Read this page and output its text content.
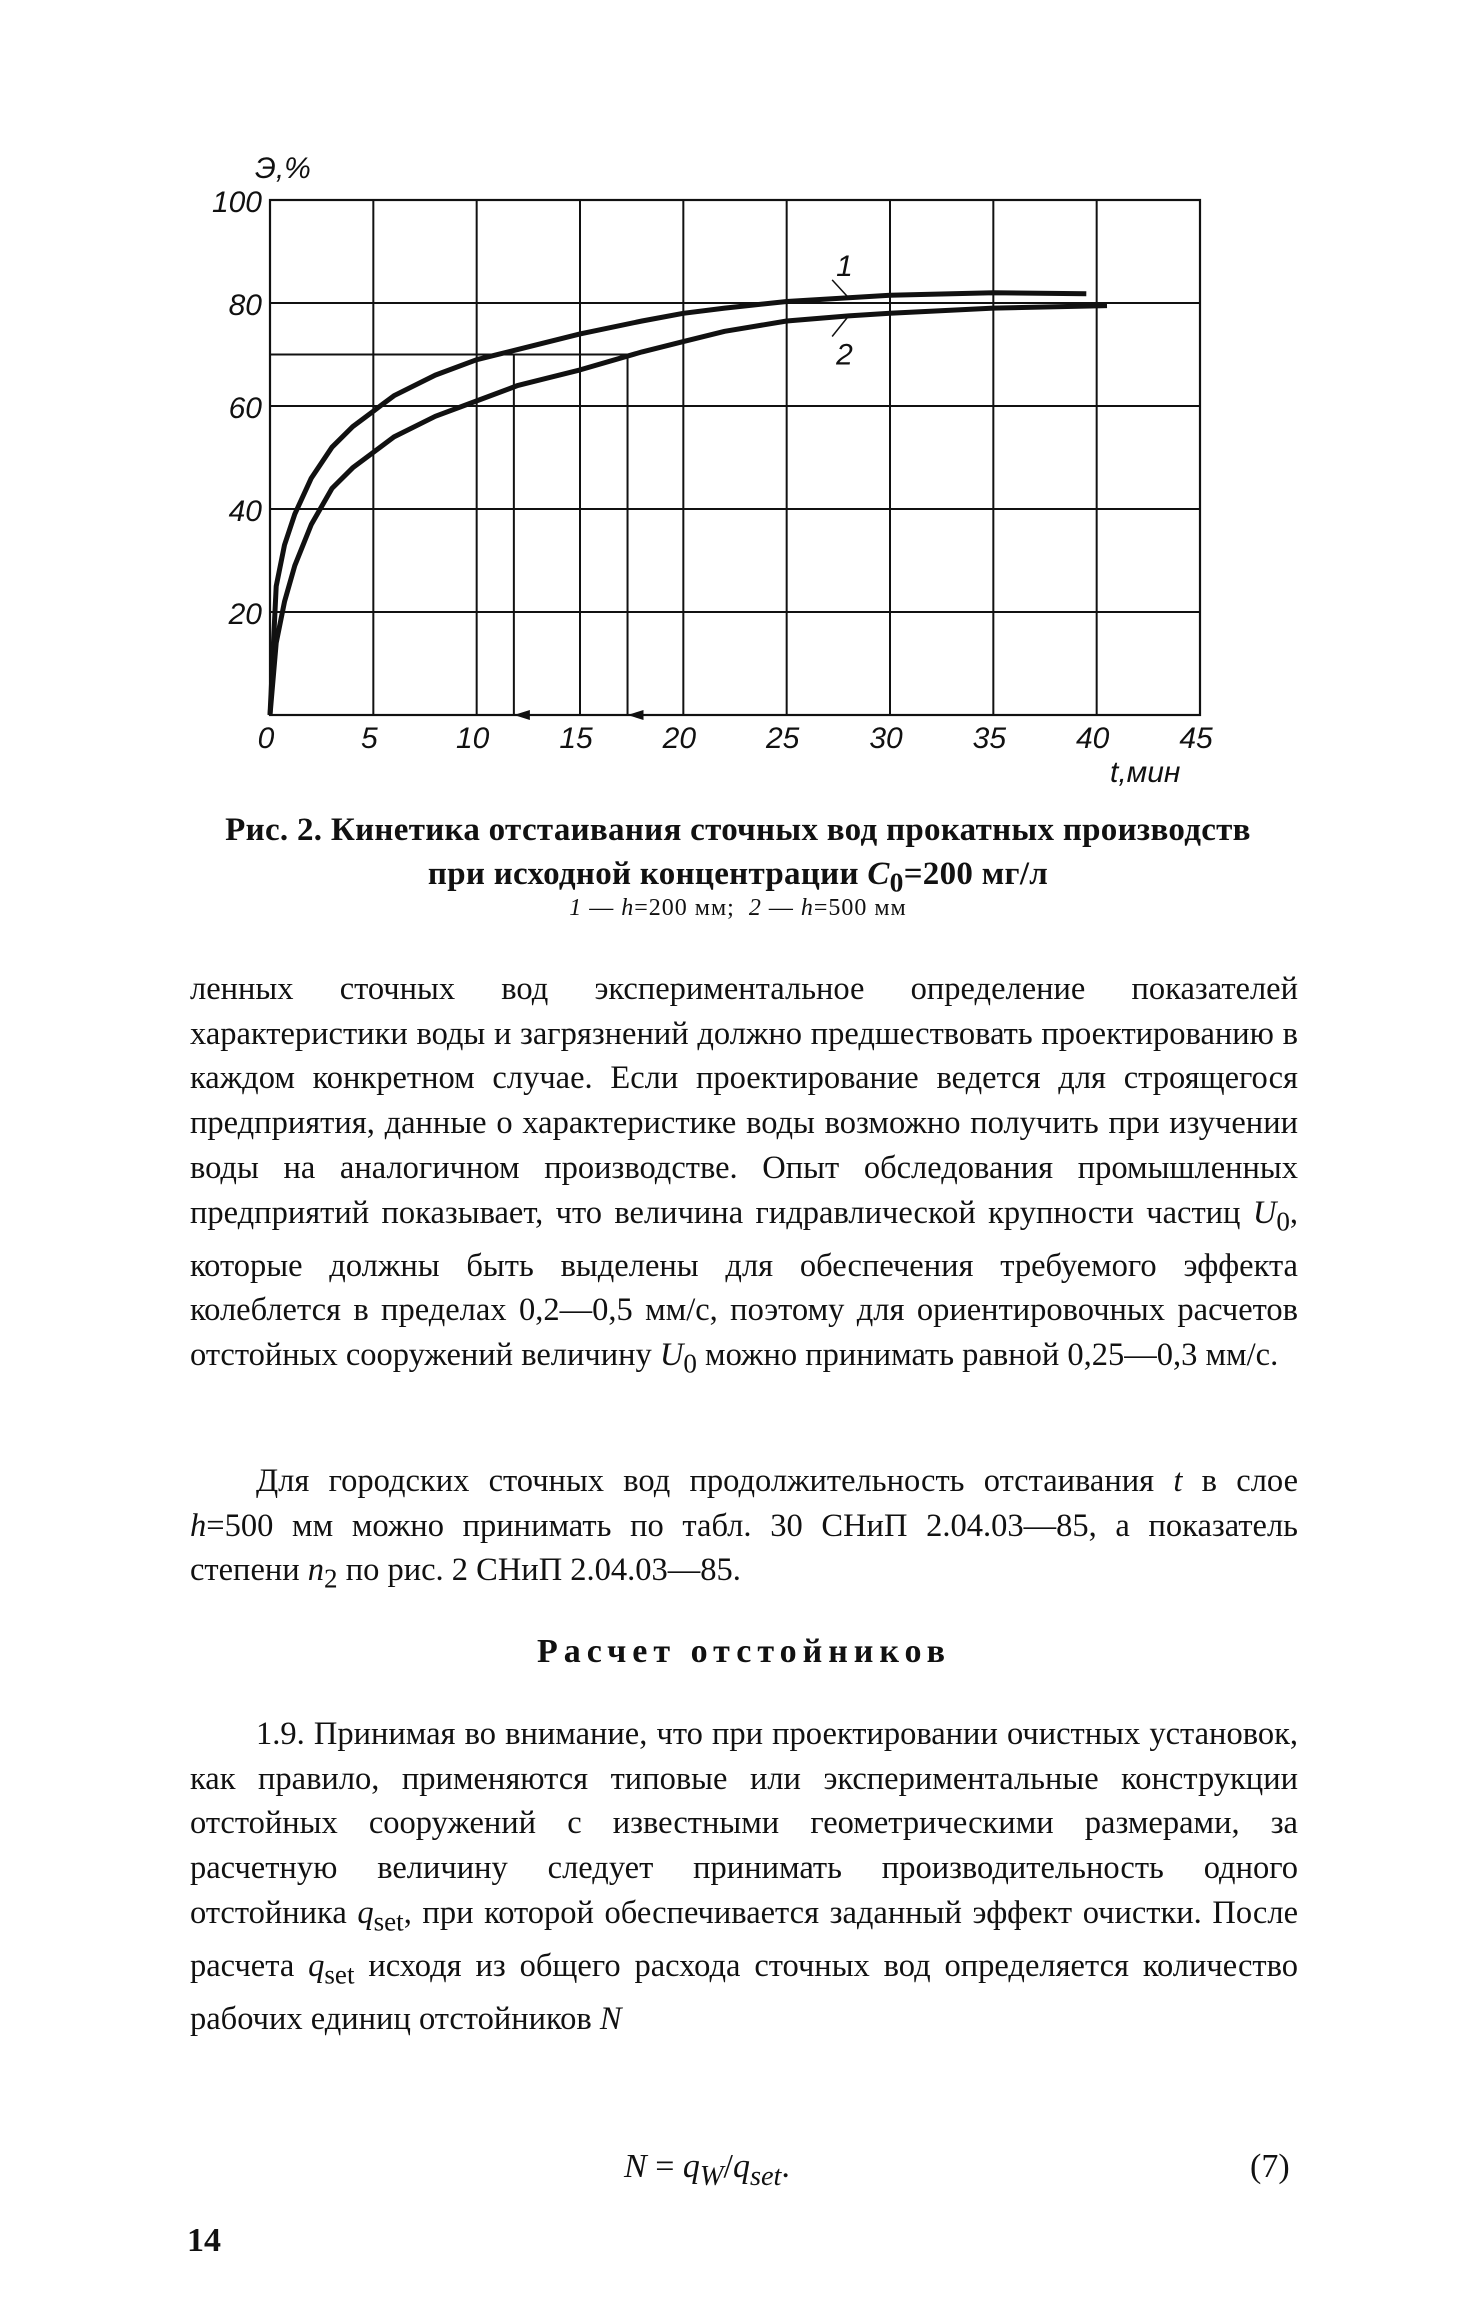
0	5	10 15 20 25 30 35 40 45
100
80
60
40
20
Э,%
t,мин
1
2
Рис. 2. Кинетика отстаивания сточных вод прокатных производств
при исходной концентрации $C_0=200$ мг/л
1 — h=200 мм; 2 — h=500 мм

ленных сточных вод экспериментальное определение показателей характеристики воды и загрязнений должно предшествовать проектированию в каждом конкретном случае. Если проектирование ведется для строящегося предприятия, данные о характеристике воды возможно получить при изучении воды на аналогичном производстве. Опыт обследования промышленных предприятий показывает, что величина гидравлической крупности частиц $U_0$, которые должны быть выделены для обеспечения требуемого эффекта колеблется в пределах 0,2—0,5 мм/с, поэтому для ориентировочных расчетов отстойных сооружений величину $U_0$ можно принимать равной 0,25—0,3 мм/с.

Для городских сточных вод продолжительность отстаивания t в слое h=500 мм можно принимать по табл. 30 СНиП 2.04.03—85, а показатель степени $n_2$ по рис. 2 СНиП 2.04.03—85.

Расчет отстойников

1.9. Принимая во внимание, что при проектировании очистных установок, как правило, применяются типовые или экспериментальные конструкции отстойных сооружений с известными геометрическими размерами, за расчетную величину следует принимать производительность одного отстойника $q_{set}$, при которой обеспечивается заданный эффект очистки. После расчета $q_{set}$ исходя из общего расхода сточных вод определяется количество рабочих единиц отстойников N

$N = q_W/q_{set}$.	(7)
14
